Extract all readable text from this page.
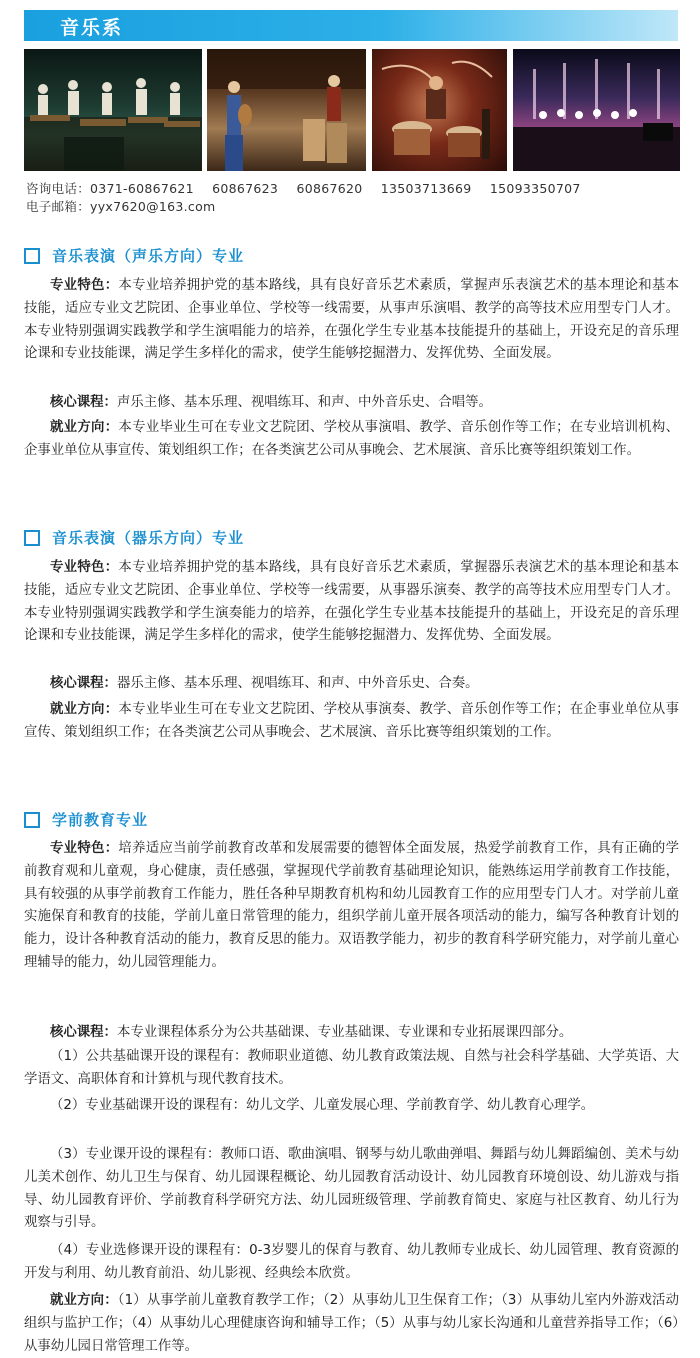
音乐系
咨询电话：0371-60867621 60867623 60867620 13503713669 15093350707
电子邮箱：yyx7620@163.com
音乐表演（声乐方向）专业
专业特色：本专业培养拥护党的基本路线，具有良好音乐艺术素质，掌握声乐表演艺术的基本理论和基本技能，适应专业文艺院团、企事业单位、学校等一线需要，从事声乐演唱、教学的高等技术应用型专门人才。本专业特别强调实践教学和学生演唱能力的培养，在强化学生专业基本技能提升的基础上，开设充足的音乐理论课和专业技能课，满足学生多样化的需求，使学生能够挖掘潜力、发挥优势、全面发展。
核心课程：声乐主修、基本乐理、视唱练耳、和声、中外音乐史、合唱等。
就业方向：本专业毕业生可在专业文艺院团、学校从事演唱、教学、音乐创作等工作；在专业培训机构、企事业单位从事宣传、策划组织工作；在各类演艺公司从事晚会、艺术展演、音乐比赛等组织策划工作。
音乐表演（器乐方向）专业
专业特色：本专业培养拥护党的基本路线，具有良好音乐艺术素质，掌握器乐表演艺术的基本理论和基本技能，适应专业文艺院团、企事业单位、学校等一线需要，从事器乐演奏、教学的高等技术应用型专门人才。本专业特别强调实践教学和学生演奏能力的培养，在强化学生专业基本技能提升的基础上，开设充足的音乐理论课和专业技能课，满足学生多样化的需求，使学生能够挖掘潜力、发挥优势、全面发展。
核心课程：器乐主修、基本乐理、视唱练耳、和声、中外音乐史、合奏。
就业方向：本专业毕业生可在专业文艺院团、学校从事演奏、教学、音乐创作等工作；在企事业单位从事宣传、策划组织工作；在各类演艺公司从事晚会、艺术展演、音乐比赛等组织策划的工作。
学前教育专业
专业特色：培养适应当前学前教育改革和发展需要的德智体全面发展，热爱学前教育工作，具有正确的学前教育观和儿童观，身心健康，责任感强，掌握现代学前教育基础理论知识，能熟练运用学前教育工作技能，具有较强的从事学前教育工作能力，胜任各种早期教育机构和幼儿园教育工作的应用型专门人才。对学前儿童实施保育和教育的技能，学前儿童日常管理的能力，组织学前儿童开展各项活动的能力，编写各种教育计划的能力，设计各种教育活动的能力，教育反思的能力。双语教学能力，初步的教育科学研究能力，对学前儿童心理辅导的能力，幼儿园管理能力。
核心课程：本专业课程体系分为公共基础课、专业基础课、专业课和专业拓展课四部分。
（1）公共基础课开设的课程有：教师职业道德、幼儿教育政策法规、自然与社会科学基础、大学英语、大学语文、高职体育和计算机与现代教育技术。
（2）专业基础课开设的课程有：幼儿文学、儿童发展心理、学前教育学、幼儿教育心理学。
（3）专业课开设的课程有：教师口语、歌曲演唱、钢琴与幼儿歌曲弹唱、舞蹈与幼儿舞蹈编创、美术与幼儿美术创作、幼儿卫生与保育、幼儿园课程概论、幼儿园教育活动设计、幼儿园教育环境创设、幼儿游戏与指导、幼儿园教育评价、学前教育科学研究方法、幼儿园班级管理、学前教育简史、家庭与社区教育、幼儿行为观察与引导。
（4）专业选修课开设的课程有：0-3岁婴儿的保育与教育、幼儿教师专业成长、幼儿园管理、教育资源的开发与利用、幼儿教育前沿、幼儿影视、经典绘本欣赏。
就业方向：（1）从事学前儿童教育教学工作；（2）从事幼儿卫生保育工作；（3）从事幼儿室内外游戏活动组织与监护工作；（4）从事幼儿心理健康咨询和辅导工作；（5）从事与幼儿家长沟通和儿童营养指导工作；（6）从事幼儿园日常管理工作等。
